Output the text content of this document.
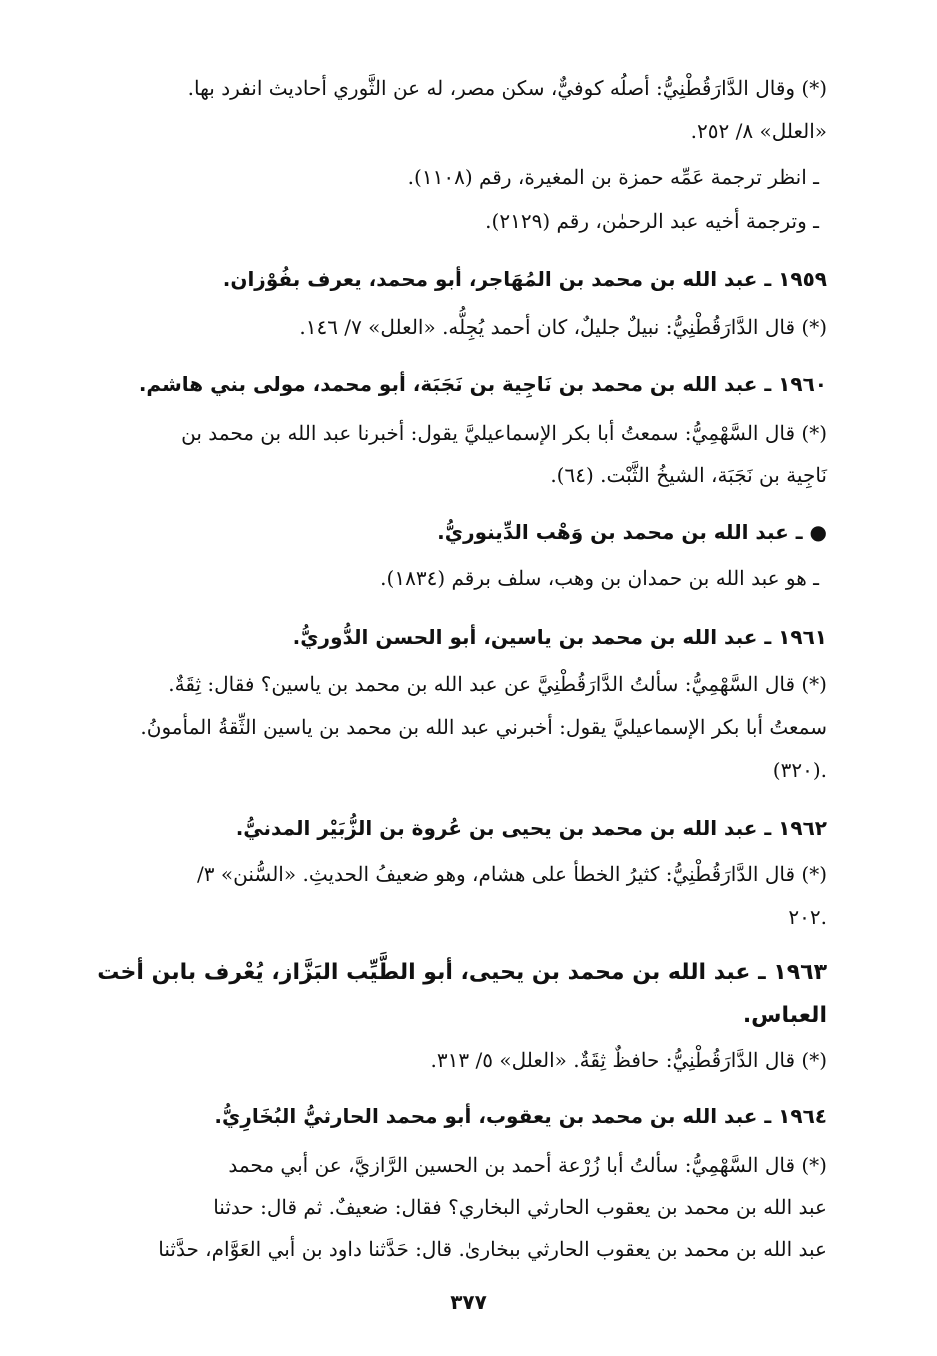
(*) وقال الدَّارَقُطْنِيُّ: أصلُه كوفيٌّ، سكن مصر، له عن الثَّوري أحاديث انفرد بها.
«العلل» ٨/ ٢٥٢.
ـ انظر ترجمة عَمِّه حمزة بن المغيرة، رقم (١١٠٨).
ـ وترجمة أخيه عبد الرحمٰن، رقم (٢١٢٩).
١٩٥٩ ـ عبد الله بن محمد بن المُهَاجر، أبو محمد، يعرف بفُوْزان.
(*) قال الدَّارَقُطْنِيُّ: نبيلٌ جليلٌ، كان أحمد يُجِلُّه. «العلل» ٧/ ١٤٦.
١٩٦٠ ـ عبد الله بن محمد بن نَاجِية بن نَجَبَة، أبو محمد، مولى بني هاشم.
(*) قال السَّهْمِيُّ: سمعتُ أبا بكر الإسماعيليَّ يقول: أخبرنا عبد الله بن محمد بن
نَاجِية بن نَجَبَة، الشيخُ الثَّبْت. (٦٤).
● ـ عبد الله بن محمد بن وَهْب الدِّينوريُّ.
ـ هو عبد الله بن حمدان بن وهب، سلف برقم (١٨٣٤).
١٩٦١ ـ عبد الله بن محمد بن ياسين، أبو الحسن الدُّوريُّ.
(*) قال السَّهْمِيُّ: سألتُ الدَّارَقُطْنِيَّ عن عبد الله بن محمد بن ياسين؟ فقال: ثِقَةٌ.
سمعتُ أبا بكر الإسماعيليَّ يقول: أخبرني عبد الله بن محمد بن ياسين الثِّقةُ المأمونُ.
(٣٢٠).
١٩٦٢ ـ عبد الله بن محمد بن يحيى بن عُروة بن الزُّبَيْر المدنيُّ.
(*) قال الدَّارَقُطْنِيُّ: كثيرُ الخطأ على هشام، وهو ضعيفُ الحديثِ. «السُّنن» ٣/
٢٠٢.
١٩٦٣ ـ عبد الله بن محمد بن يحيى، أبو الطَّيِّب البَزَّاز، يُعْرف بابن أخت
العباس.
(*) قال الدَّارَقُطْنِيُّ: حافظٌ ثِقَةٌ. «العلل» ٥/ ٣١٣.
١٩٦٤ ـ عبد الله بن محمد بن يعقوب، أبو محمد الحارثيُّ البُخَارِيُّ.
(*) قال السَّهْمِيُّ: سألتُ أبا زُرْعة أحمد بن الحسين الرَّازيَّ، عن أبي محمد
عبد الله بن محمد بن يعقوب الحارثي البخاري؟ فقال: ضعيفٌ. ثم قال: حدثنا
عبد الله بن محمد بن يعقوب الحارثي ببخارىٰ. قال: حَدَّثنا داود بن أبي العَوَّام، حدَّثنا
٣٧٧
